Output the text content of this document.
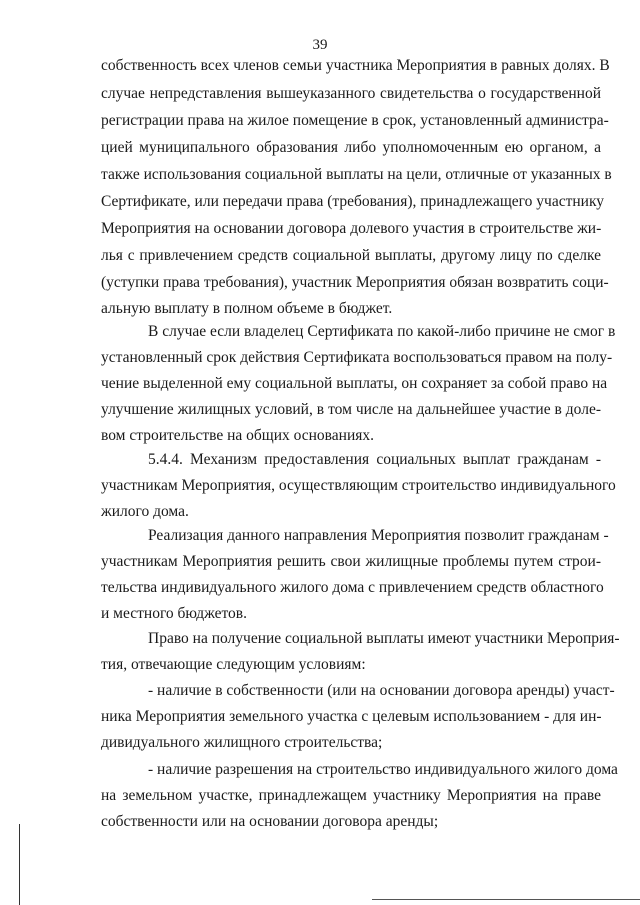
39
собственность всех членов семьи участника Мероприятия в равных долях. В
случае непредставления вышеуказанного свидетельства о государственной
регистрации права на жилое помещение в срок, установленный администра-
цией муниципального образования либо уполномоченным ею органом, а
также использования социальной выплаты на цели, отличные от указанных в
Сертификате, или передачи права (требования), принадлежащего участнику
Мероприятия на основании договора долевого участия в строительстве жи-
лья с привлечением средств социальной выплаты, другому лицу по сделке
(уступки права требования), участник Мероприятия обязан возвратить соци-
альную выплату в полном объеме в бюджет.
В случае если владелец Сертификата по какой-либо причине не смог в
установленный срок действия Сертификата воспользоваться правом на полу-
чение выделенной ему социальной выплаты, он сохраняет за собой право на
улучшение жилищных условий, в том числе на дальнейшее участие в доле-
вом строительстве на общих основаниях.
5.4.4. Механизм предоставления социальных выплат гражданам -
участникам Мероприятия, осуществляющим строительство индивидуального
жилого дома.
Реализация данного направления Мероприятия позволит гражданам -
участникам Мероприятия решить свои жилищные проблемы путем строи-
тельства индивидуального жилого дома с привлечением средств областного
и местного бюджетов.
Право на получение социальной выплаты имеют участники Мероприя-
тия, отвечающие следующим условиям:
- наличие в собственности (или на основании договора аренды) участ-
ника Мероприятия земельного участка с целевым использованием - для ин-
дивидуального жилищного строительства;
- наличие разрешения на строительство индивидуального жилого дома
на земельном участке, принадлежащем участнику Мероприятия на праве
собственности или на основании договора аренды;
